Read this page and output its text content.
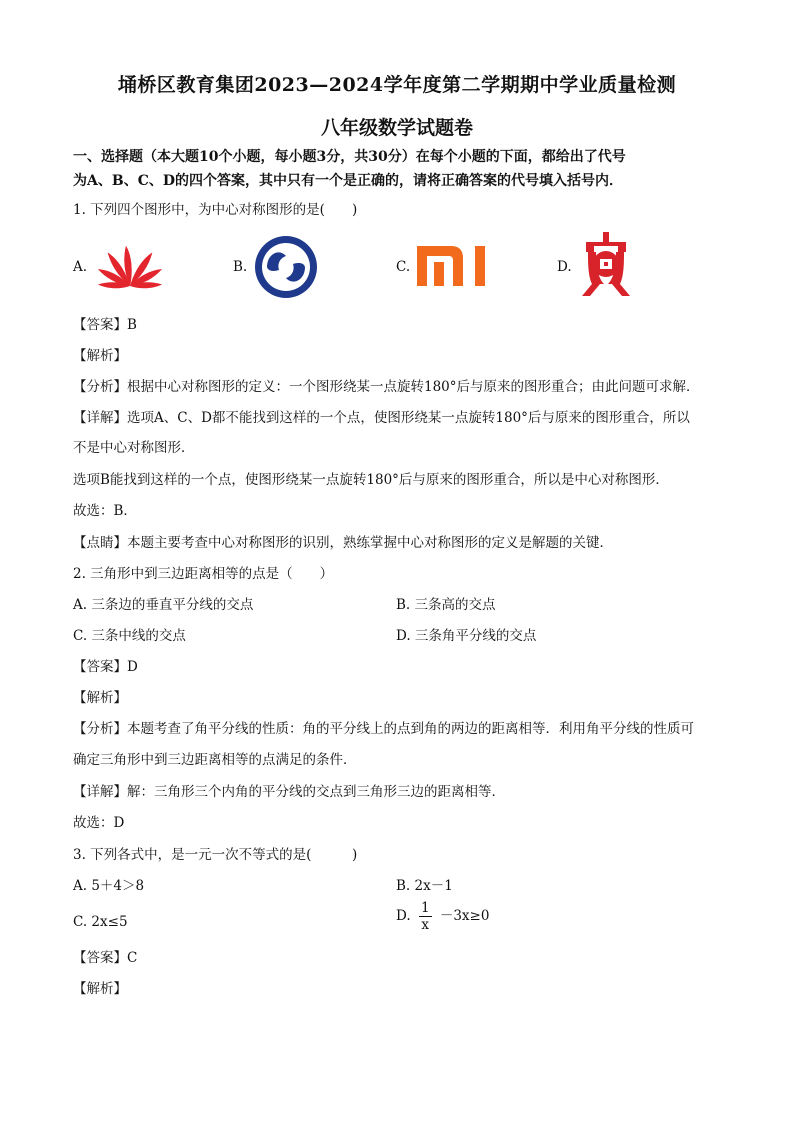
埇桥区教育集团2023—2024学年度第二学期期中学业质量检测
八年级数学试题卷
一、选择题（本大题10个小题，每小题3分，共30分）在每个小题的下面，都给出了代号
为A、B、C、D的四个答案，其中只有一个是正确的，请将正确答案的代号填入括号内．
1. 下列四个图形中，为中心对称图形的是(　　)
A.	B.	C.	D.
【答案】B
【解析】
【分析】根据中心对称图形的定义：一个图形绕某一点旋转180°后与原来的图形重合；由此问题可求解．
【详解】选项A、C、D都不能找到这样的一个点，使图形绕某一点旋转180°后与原来的图形重合，所以
不是中心对称图形．
选项B能找到这样的一个点，使图形绕某一点旋转180°后与原来的图形重合，所以是中心对称图形．
故选：B．
【点睛】本题主要考查中心对称图形的识别，熟练掌握中心对称图形的定义是解题的关键．
2. 三角形中到三边距离相等的点是（　　）
A. 三条边的垂直平分线的交点	B. 三条高的交点
C. 三条中线的交点	D. 三条角平分线的交点
【答案】D
【解析】
【分析】本题考查了角平分线的性质：角的平分线上的点到角的两边的距离相等．利用角平分线的性质可
确定三角形中到三边距离相等的点满足的条件．
【详解】解：三角形三个内角的平分线的交点到三角形三边的距离相等．
故选：D
3. 下列各式中，是一元一次不等式的是(　　　)
A. 5＋4＞8	B. 2x－1
C. 2x≤5	D. $\frac{1}{x} -3x\ge 0$
【答案】C
【解析】
